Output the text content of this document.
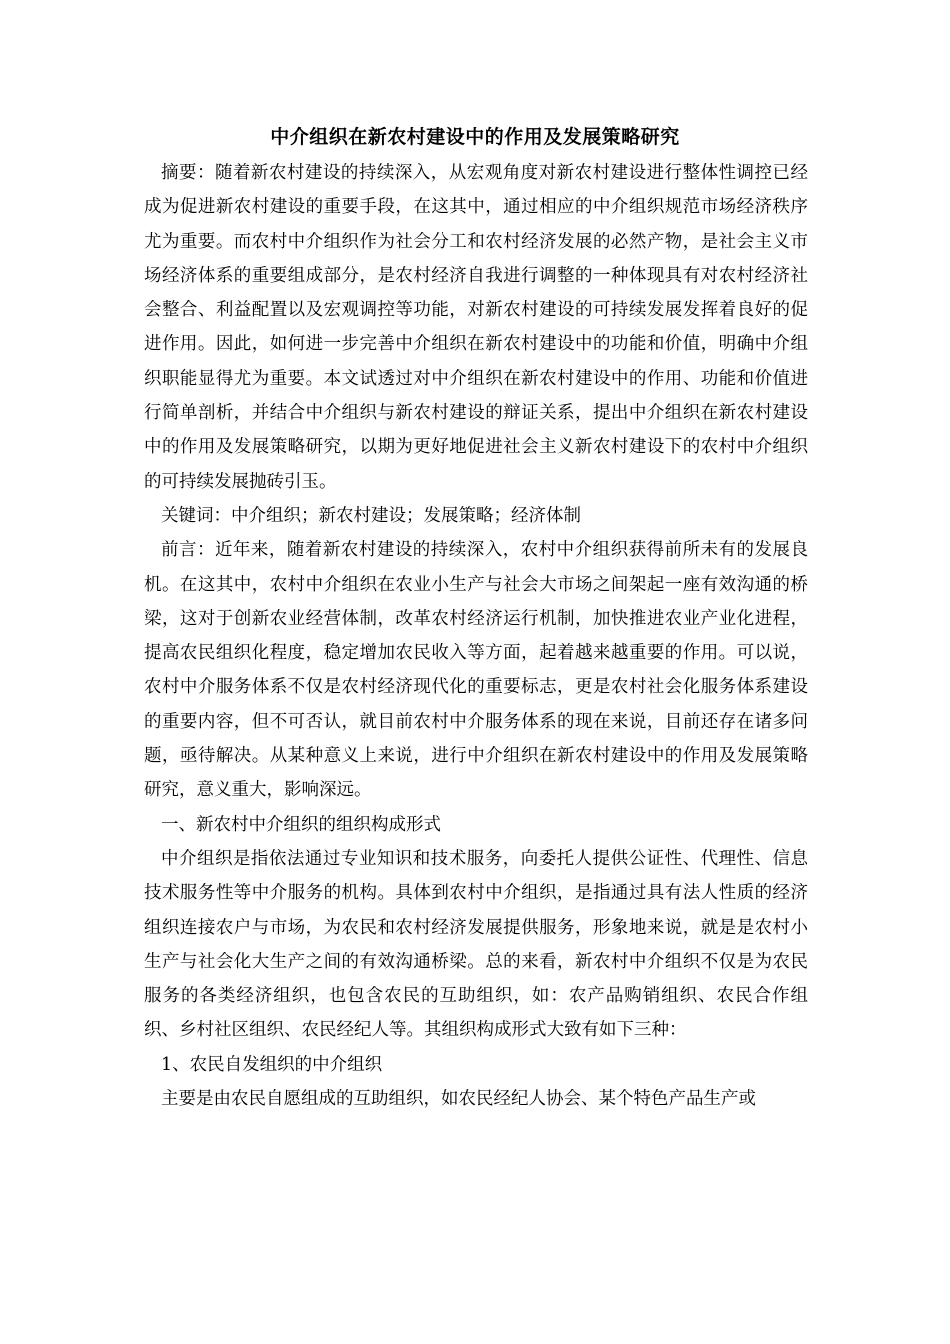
中介组织在新农村建设中的作用及发展策略研究

摘要：随着新农村建设的持续深入，从宏观角度对新农村建设进行整体性调控已经成为促进新农村建设的重要手段，在这其中，通过相应的中介组织规范市场经济秩序尤为重要。而农村中介组织作为社会分工和农村经济发展的必然产物，是社会主义市场经济体系的重要组成部分，是农村经济自我进行调整的一种体现具有对农村经济社会整合、利益配置以及宏观调控等功能，对新农村建设的可持续发展发挥着良好的促进作用。因此，如何进一步完善中介组织在新农村建设中的功能和价值，明确中介组织职能显得尤为重要。本文试透过对中介组织在新农村建设中的作用、功能和价值进行简单剖析，并结合中介组织与新农村建设的辩证关系，提出中介组织在新农村建设中的作用及发展策略研究，以期为更好地促进社会主义新农村建设下的农村中介组织的可持续发展抛砖引玉。

关键词：中介组织；新农村建设；发展策略；经济体制

前言：近年来，随着新农村建设的持续深入，农村中介组织获得前所未有的发展良机。在这其中，农村中介组织在农业小生产与社会大市场之间架起一座有效沟通的桥梁，这对于创新农业经营体制，改革农村经济运行机制，加快推进农业产业化进程，提高农民组织化程度，稳定增加农民收入等方面，起着越来越重要的作用。可以说，农村中介服务体系不仅是农村经济现代化的重要标志，更是农村社会化服务体系建设的重要内容，但不可否认，就目前农村中介服务体系的现在来说，目前还存在诸多问题，亟待解决。从某种意义上来说，进行中介组织在新农村建设中的作用及发展策略研究，意义重大，影响深远。

一、新农村中介组织的组织构成形式

中介组织是指依法通过专业知识和技术服务，向委托人提供公证性、代理性、信息技术服务性等中介服务的机构。具体到农村中介组织，是指通过具有法人性质的经济组织连接农户与市场，为农民和农村经济发展提供服务，形象地来说，就是是农村小生产与社会化大生产之间的有效沟通桥梁。总的来看，新农村中介组织不仅是为农民服务的各类经济组织，也包含农民的互助组织，如：农产品购销组织、农民合作组织、乡村社区组织、农民经纪人等。其组织构成形式大致有如下三种：

1、农民自发组织的中介组织

主要是由农民自愿组成的互助组织，如农民经纪人协会、某个特色产品生产或
